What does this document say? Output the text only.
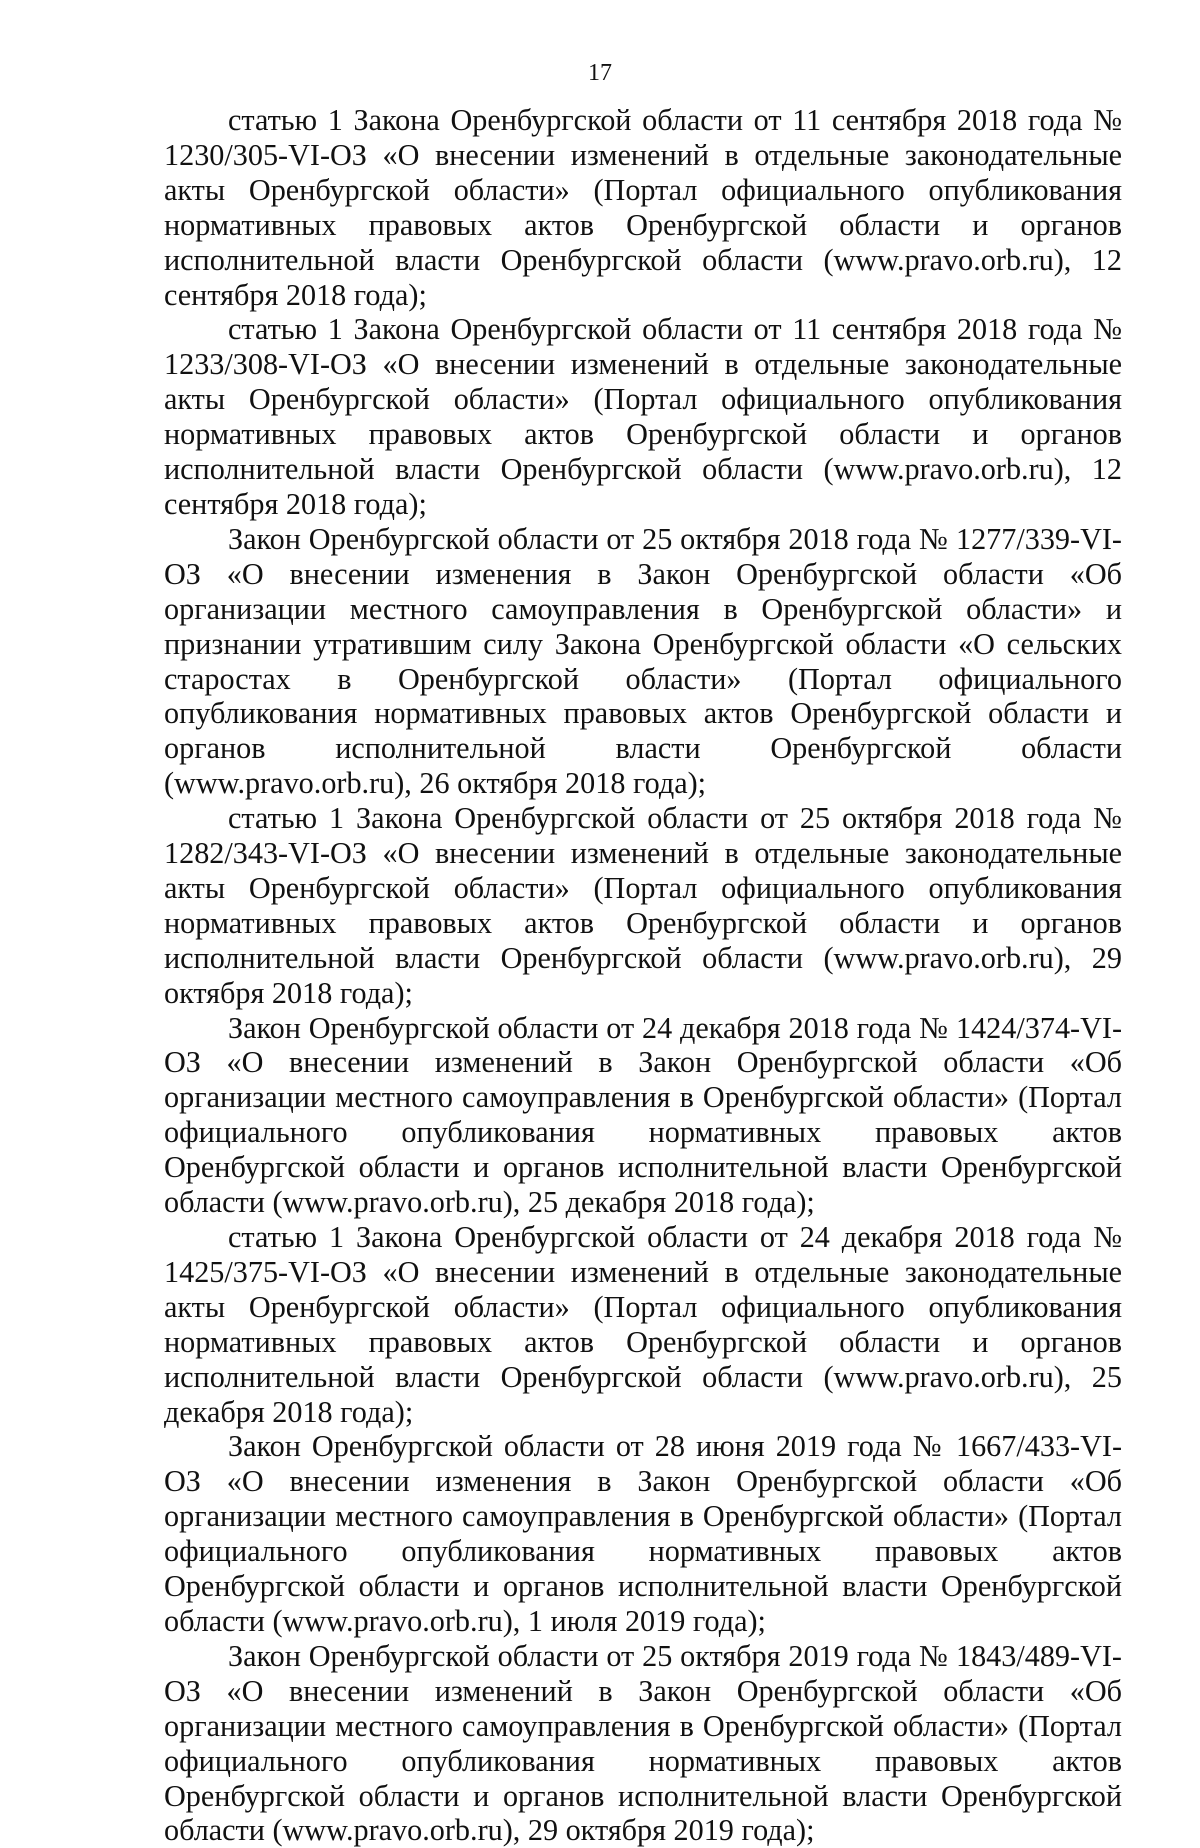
17

статью 1 Закона Оренбургской области от 11 сентября 2018 года № 1230/305-VI-ОЗ «О внесении изменений в отдельные законодательные акты Оренбургской области» (Портал официального опубликования нормативных правовых актов Оренбургской области и органов исполнительной власти Оренбургской области (www.pravo.orb.ru), 12 сентября 2018 года);

статью 1 Закона Оренбургской области от 11 сентября 2018 года № 1233/308-VI-ОЗ «О внесении изменений в отдельные законодательные акты Оренбургской области» (Портал официального опубликования нормативных правовых актов Оренбургской области и органов исполнительной власти Оренбургской области (www.pravo.orb.ru), 12 сентября 2018 года);

Закон Оренбургской области от 25 октября 2018 года № 1277/339-VI-ОЗ «О внесении изменения в Закон Оренбургской области «Об организации местного самоуправления в Оренбургской области» и признании утратившим силу Закона Оренбургской области «О сельских старостах в Оренбургской области» (Портал официального опубликования нормативных правовых актов Оренбургской области и органов исполнительной власти Оренбургской области (www.pravo.orb.ru), 26 октября 2018 года);

статью 1 Закона Оренбургской области от 25 октября 2018 года № 1282/343-VI-ОЗ «О внесении изменений в отдельные законодательные акты Оренбургской области» (Портал официального опубликования нормативных правовых актов Оренбургской области и органов исполнительной власти Оренбургской области (www.pravo.orb.ru), 29 октября 2018 года);

Закон Оренбургской области от 24 декабря 2018 года № 1424/374-VI-ОЗ «О внесении изменений в Закон Оренбургской области «Об организации местного самоуправления в Оренбургской области» (Портал официального опубликования нормативных правовых актов Оренбургской области и органов исполнительной власти Оренбургской области (www.pravo.orb.ru), 25 декабря 2018 года);

статью 1 Закона Оренбургской области от 24 декабря 2018 года № 1425/375-VI-ОЗ «О внесении изменений в отдельные законодательные акты Оренбургской области» (Портал официального опубликования нормативных правовых актов Оренбургской области и органов исполнительной власти Оренбургской области (www.pravo.orb.ru), 25 декабря 2018 года);

Закон Оренбургской области от 28 июня 2019 года № 1667/433-VI-ОЗ «О внесении изменения в Закон Оренбургской области «Об организации местного самоуправления в Оренбургской области» (Портал официального опубликования нормативных правовых актов Оренбургской области и органов исполнительной власти Оренбургской области (www.pravo.orb.ru), 1 июля 2019 года);

Закон Оренбургской области от 25 октября 2019 года № 1843/489-VI-ОЗ «О внесении изменений в Закон Оренбургской области «Об организации местного самоуправления в Оренбургской области» (Портал официального опубликования нормативных правовых актов Оренбургской области и органов исполнительной власти Оренбургской области (www.pravo.orb.ru), 29 октября 2019 года);
